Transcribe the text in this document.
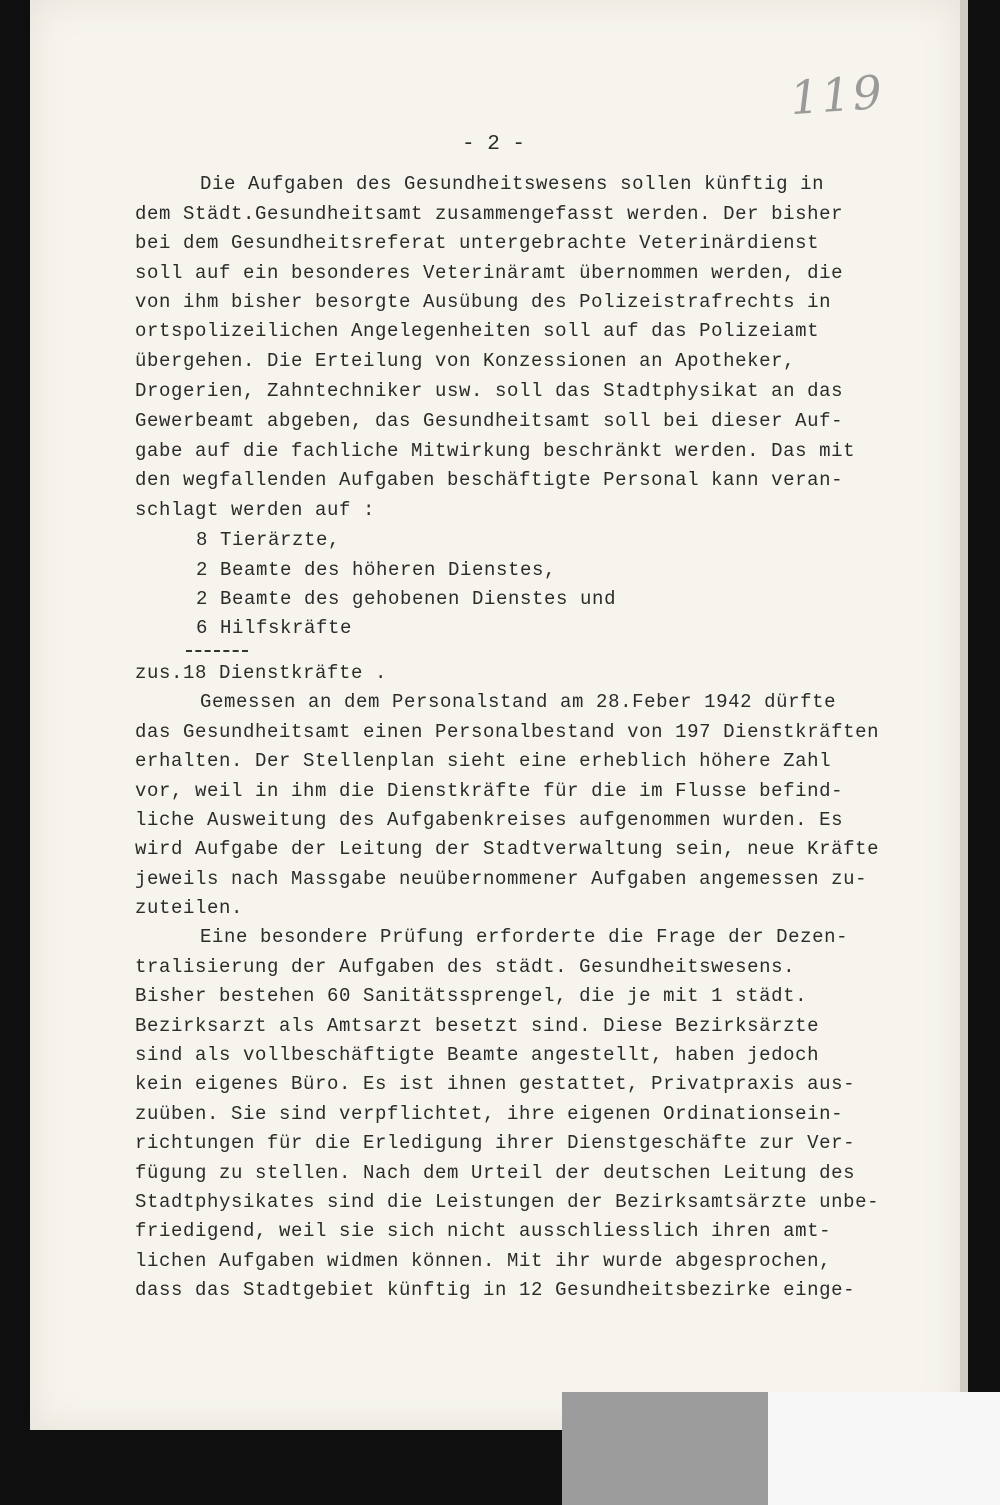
119
- 2 -
Die Aufgaben des Gesundheitswesens sollen künftig in
dem Städt.Gesundheitsamt zusammengefasst werden. Der bisher
bei dem Gesundheitsreferat untergebrachte Veterinärdienst
soll auf ein besonderes Veterinäramt übernommen werden, die
von ihm bisher besorgte Ausübung des Polizeistrafrechts in
ortspolizeilichen Angelegenheiten soll auf das Polizeiamt
übergehen. Die Erteilung von Konzessionen an Apotheker,
Drogerien, Zahntechniker usw. soll das Stadtphysikat an das
Gewerbeamt abgeben, das Gesundheitsamt soll bei dieser Auf-
gabe auf die fachliche Mitwirkung beschränkt werden. Das mit
den wegfallenden Aufgaben beschäftigte Personal kann veran-
schlagt werden auf :
8 Tierärzte,
2 Beamte des höheren Dienstes,
2 Beamte des gehobenen Dienstes und
6 Hilfskräfte
zus.18 Dienstkräfte .
Gemessen an dem Personalstand am 28.Feber 1942 dürfte
das Gesundheitsamt einen Personalbestand von 197 Dienstkräften
erhalten. Der Stellenplan sieht eine erheblich höhere Zahl
vor, weil in ihm die Dienstkräfte für die im Flusse befind-
liche Ausweitung des Aufgabenkreises aufgenommen wurden. Es
wird Aufgabe der Leitung der Stadtverwaltung sein, neue Kräfte
jeweils nach Massgabe neuübernommener Aufgaben angemessen zu-
zuteilen.
Eine besondere Prüfung erforderte die Frage der Dezen-
tralisierung der Aufgaben des städt. Gesundheitswesens.
Bisher bestehen 60 Sanitätssprengel, die je mit 1 städt.
Bezirksarzt als Amtsarzt besetzt sind. Diese Bezirksärzte
sind als vollbeschäftigte Beamte angestellt, haben jedoch
kein eigenes Büro. Es ist ihnen gestattet, Privatpraxis aus-
zuüben. Sie sind verpflichtet, ihre eigenen Ordinationsein-
richtungen für die Erledigung ihrer Dienstgeschäfte zur Ver-
fügung zu stellen. Nach dem Urteil der deutschen Leitung des
Stadtphysikates sind die Leistungen der Bezirksamtsärzte unbe-
friedigend, weil sie sich nicht ausschliesslich ihren amt-
lichen Aufgaben widmen können. Mit ihr wurde abgesprochen,
dass das Stadtgebiet künftig in 12 Gesundheitsbezirke einge-
